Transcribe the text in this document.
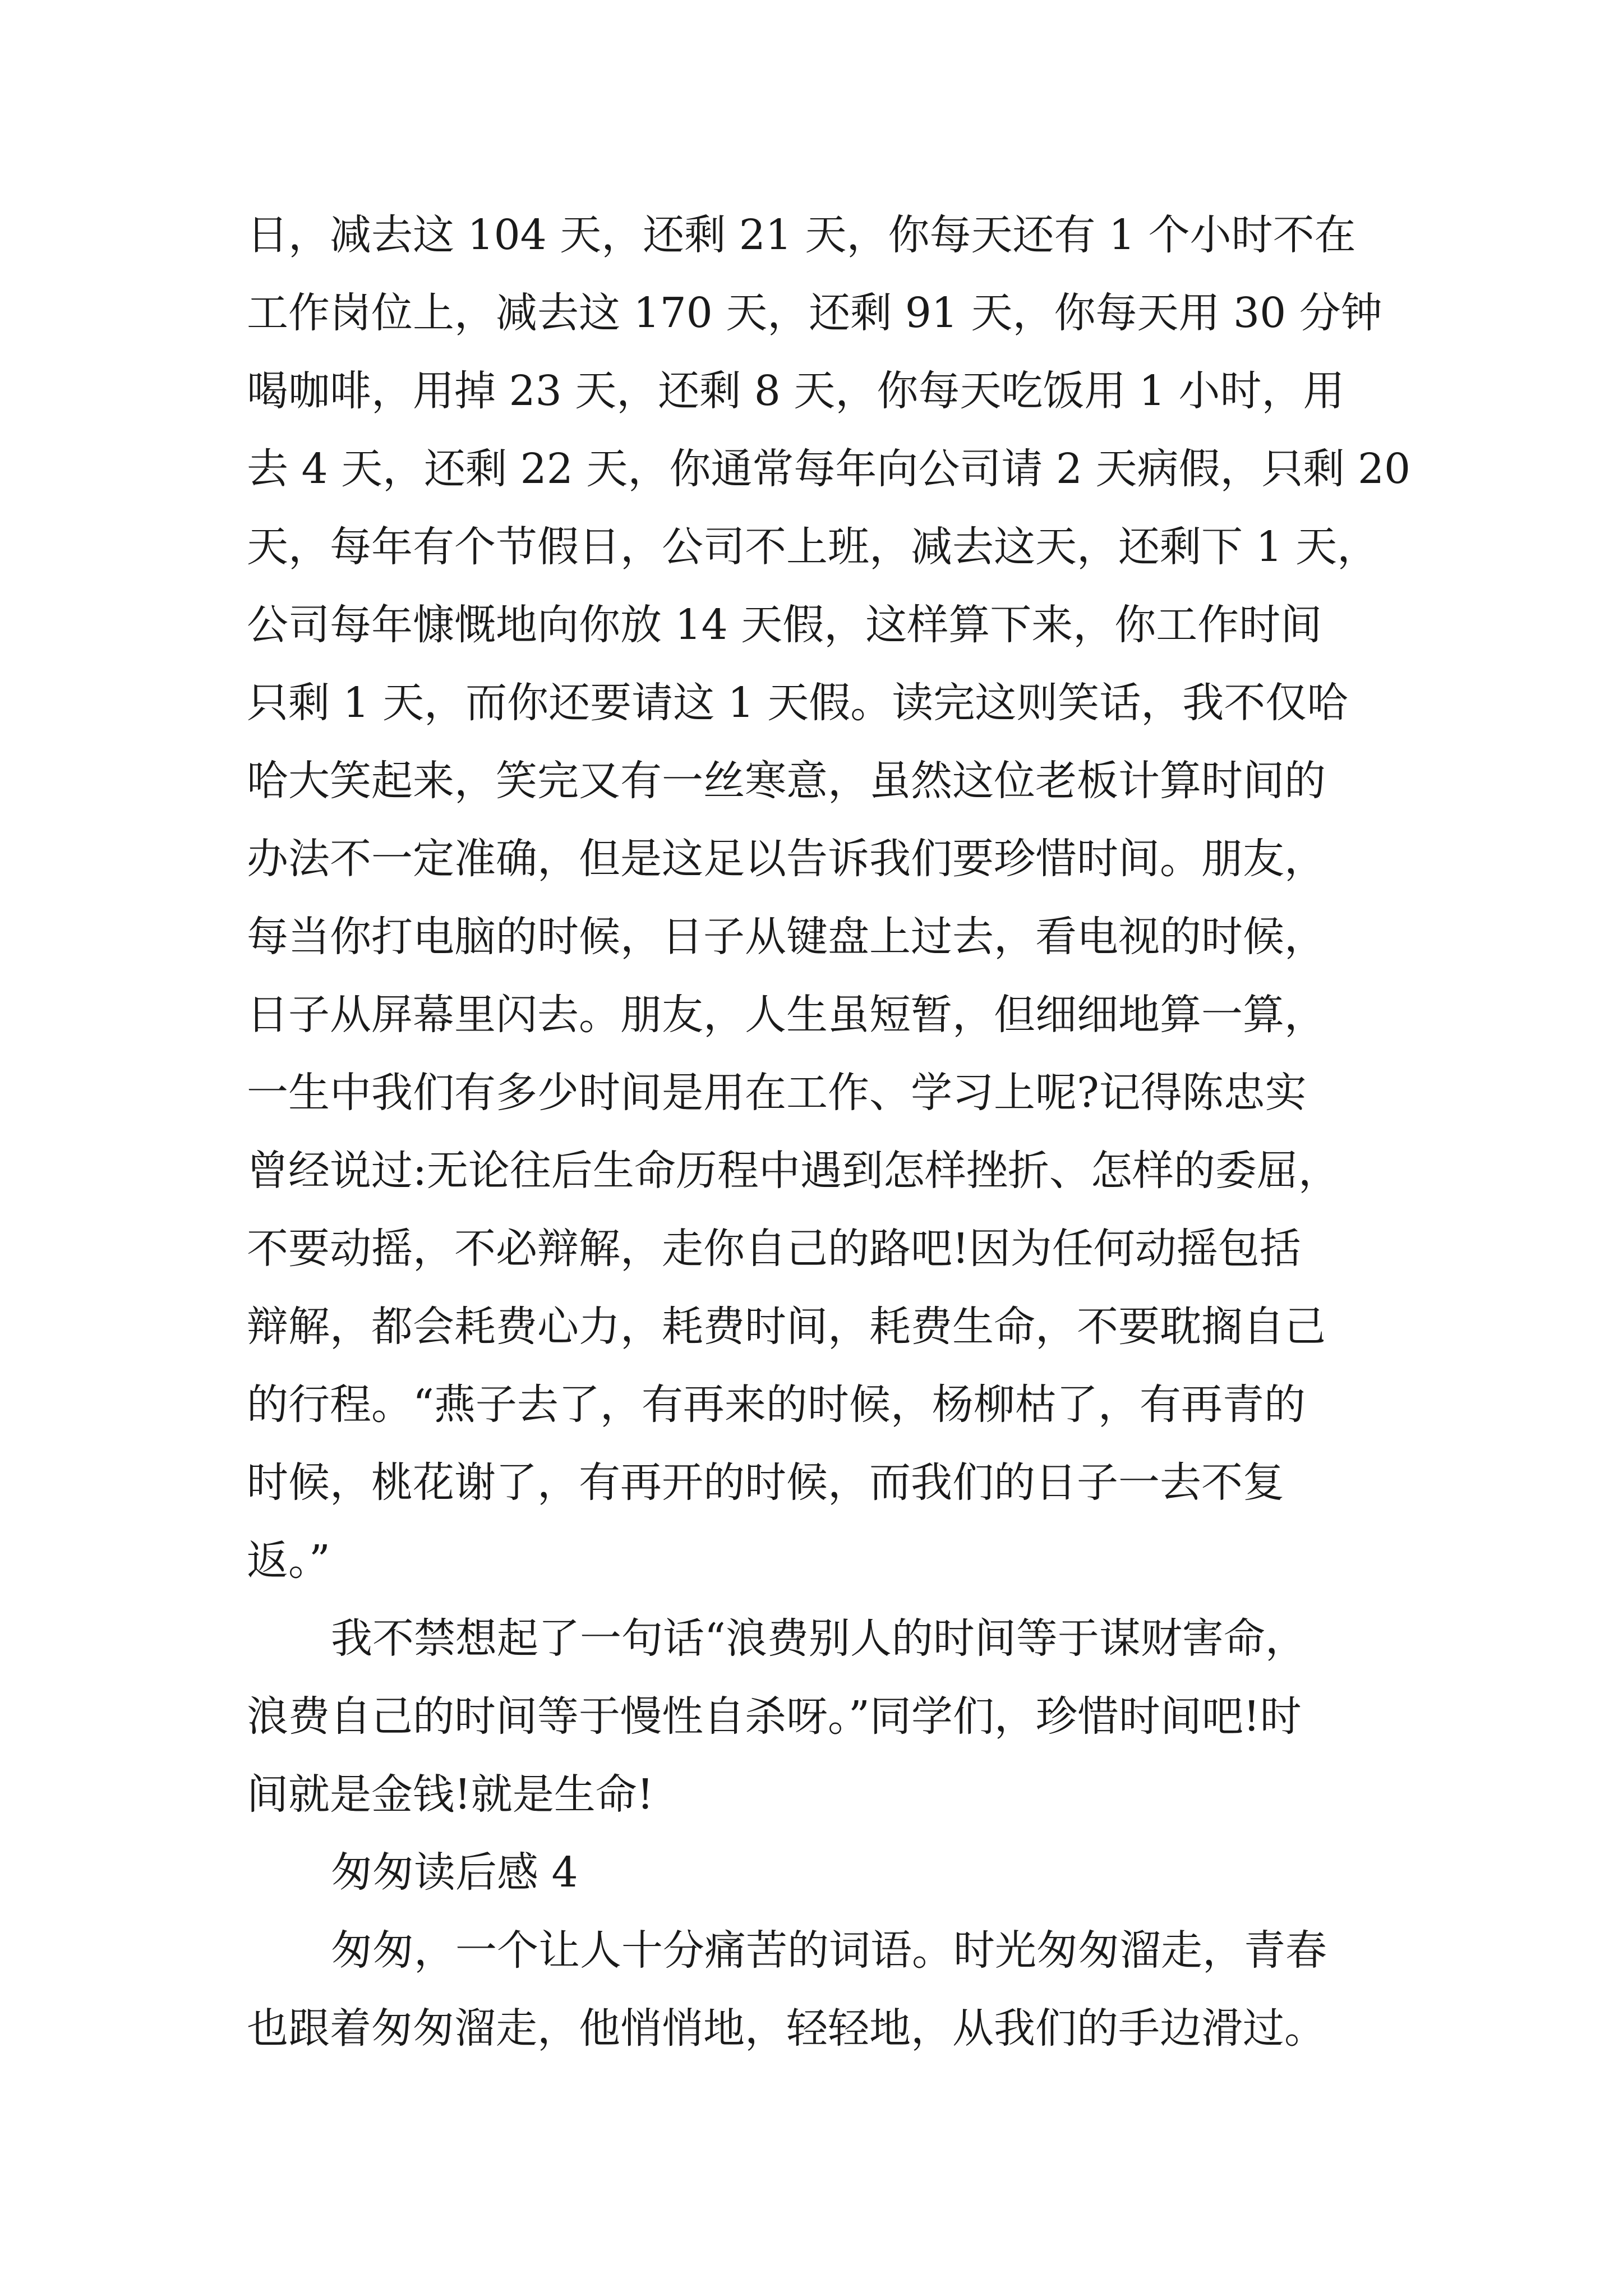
日，减去这 104 天，还剩 21 天，你每天还有 1 个小时不在
工作岗位上，减去这 170 天，还剩 91 天，你每天用 30 分钟
喝咖啡，用掉 23 天，还剩 8 天，你每天吃饭用 1 小时，用
去 4 天，还剩 22 天，你通常每年向公司请 2 天病假，只剩 20
天，每年有个节假日，公司不上班，减去这天，还剩下 1 天，
公司每年慷慨地向你放 14 天假，这样算下来，你工作时间
只剩 1 天，而你还要请这 1 天假。读完这则笑话，我不仅哈
哈大笑起来，笑完又有一丝寒意，虽然这位老板计算时间的
办法不一定准确，但是这足以告诉我们要珍惜时间。朋友，
每当你打电脑的时候，日子从键盘上过去，看电视的时候，
日子从屏幕里闪去。朋友，人生虽短暂，但细细地算一算，
一生中我们有多少时间是用在工作、学习上呢?记得陈忠实
曾经说过:无论往后生命历程中遇到怎样挫折、怎样的委屈，
不要动摇，不必辩解，走你自己的路吧!因为任何动摇包括
辩解，都会耗费心力，耗费时间，耗费生命，不要耽搁自己
的行程。“燕子去了，有再来的时候，杨柳枯了，有再青的
时候，桃花谢了，有再开的时候，而我们的日子一去不复
返。”
我不禁想起了一句话“浪费别人的时间等于谋财害命，
浪费自己的时间等于慢性自杀呀。”同学们，珍惜时间吧!时
间就是金钱!就是生命!
匆匆读后感 4
匆匆，一个让人十分痛苦的词语。时光匆匆溜走，青春
也跟着匆匆溜走，他悄悄地，轻轻地，从我们的手边滑过。
